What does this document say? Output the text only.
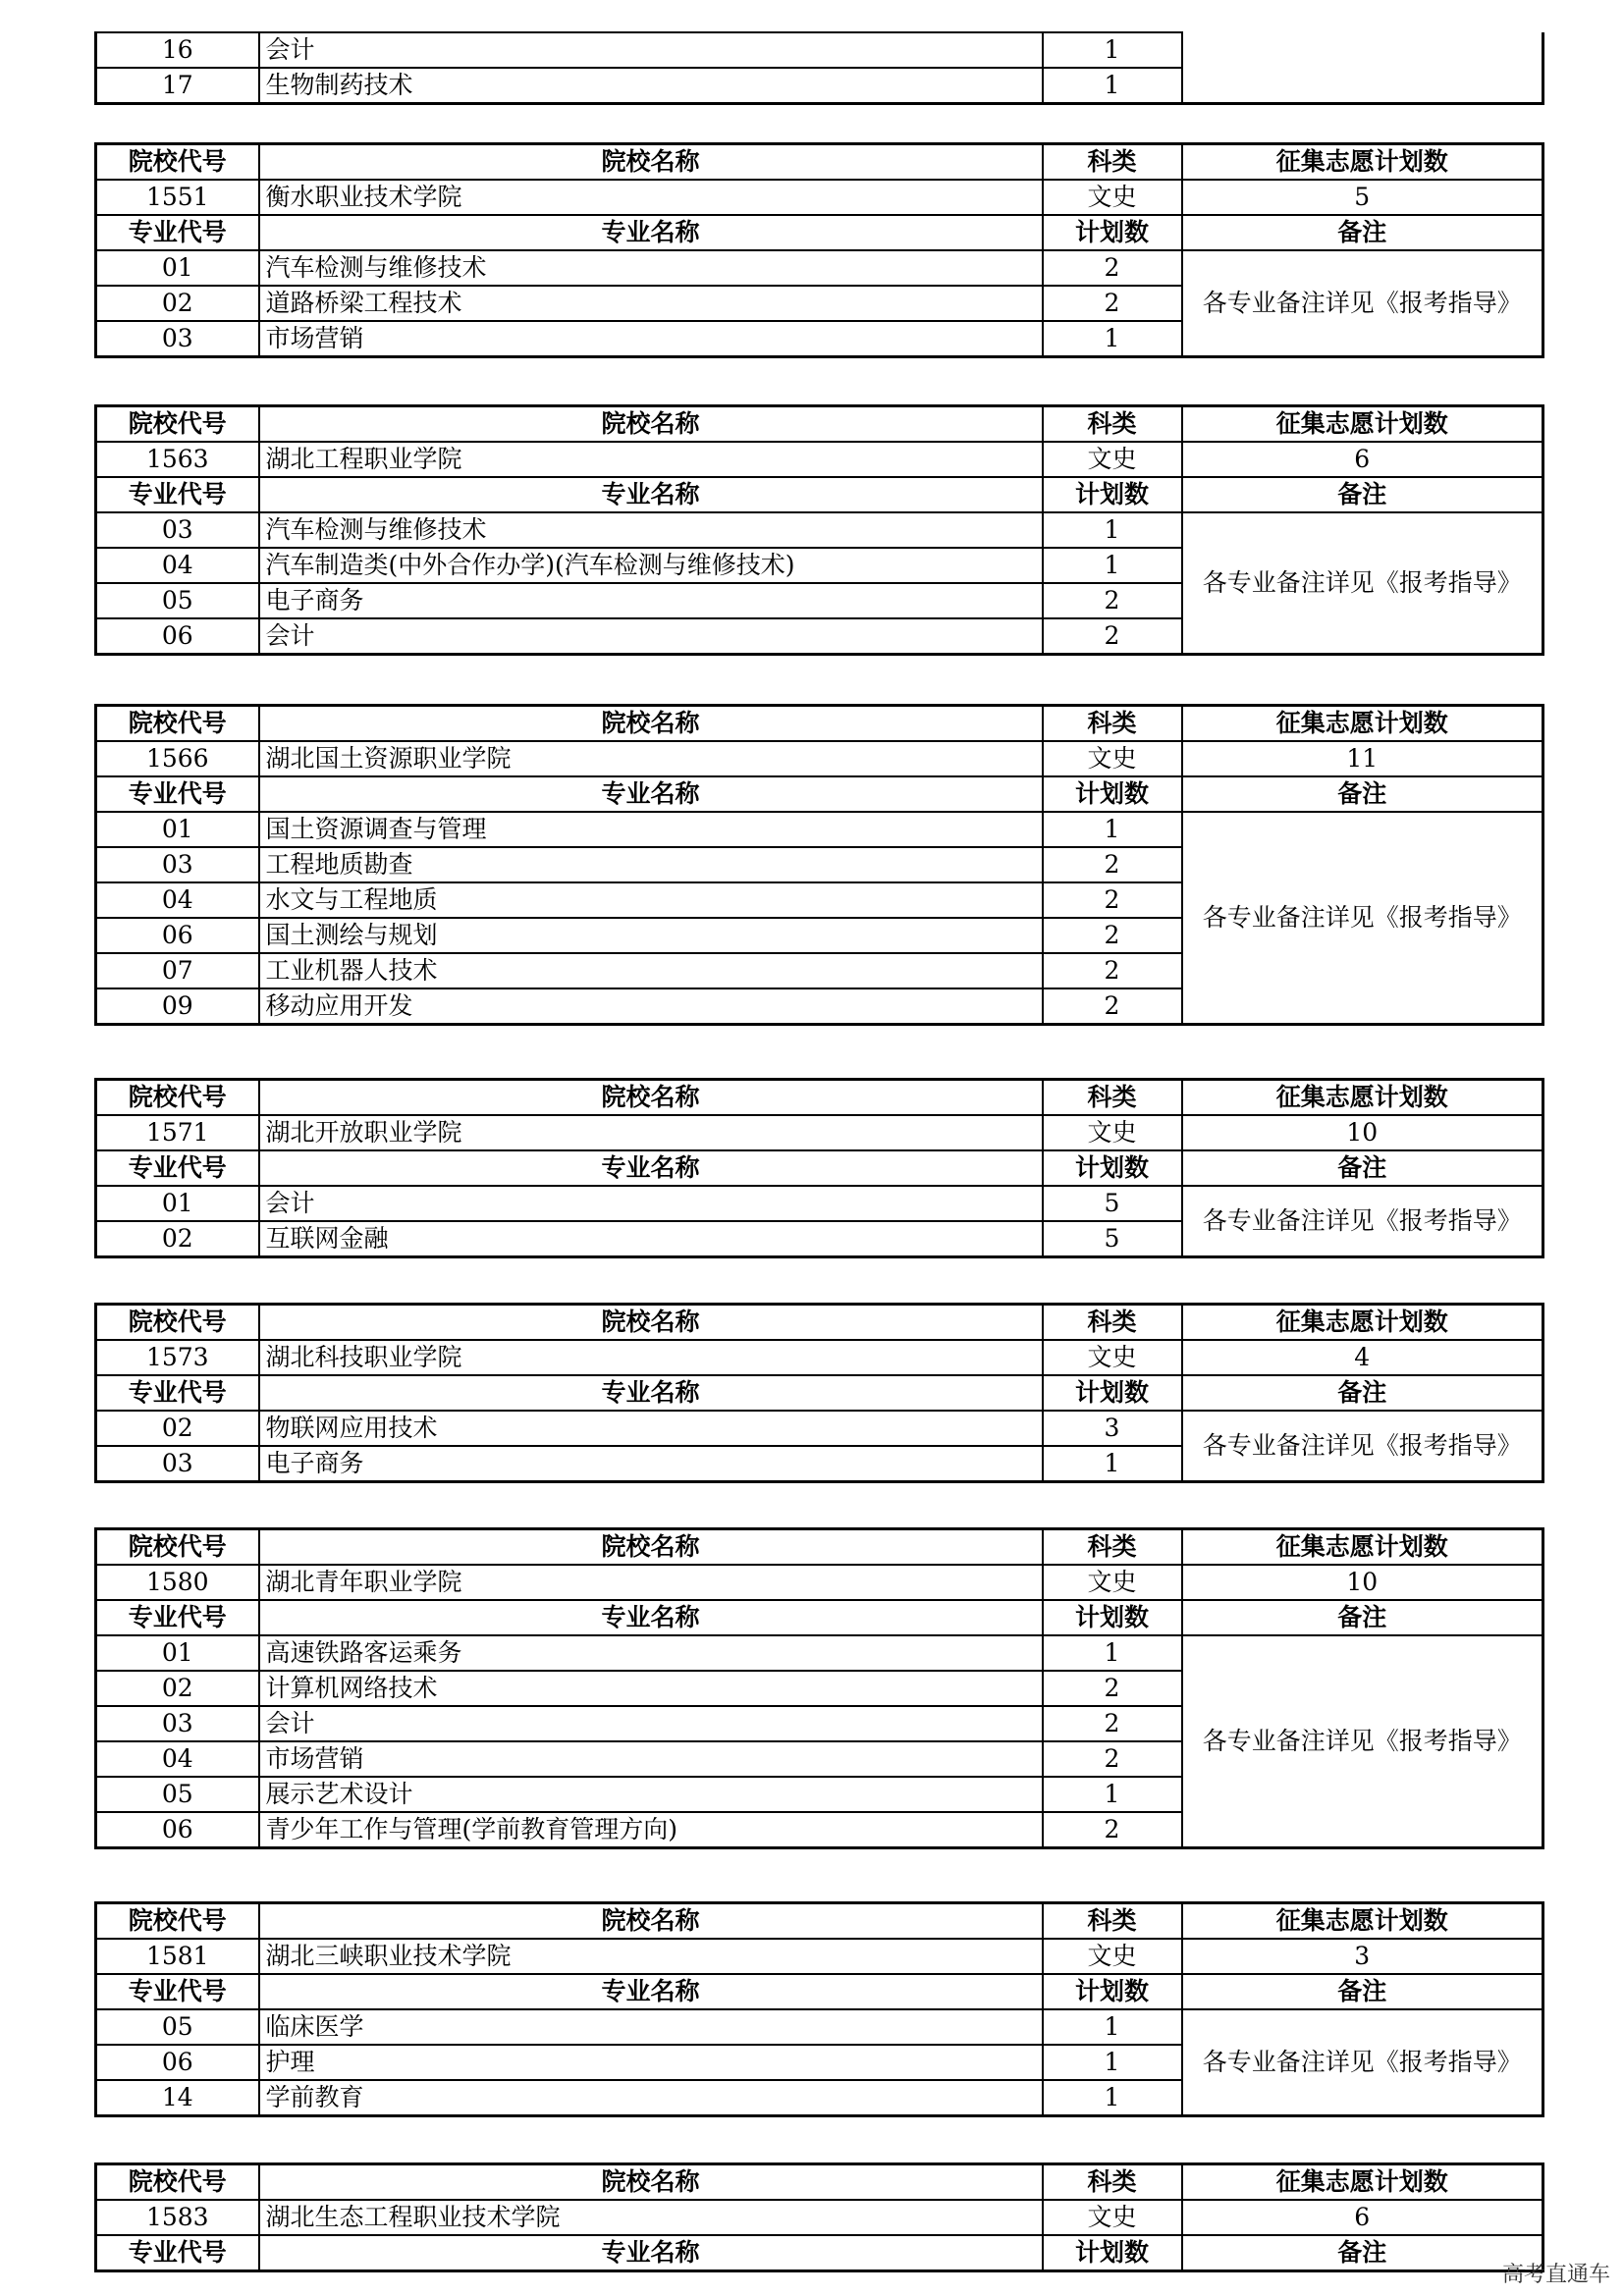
16	会计	1	
17	生物制药技术	1	
院校代号	院校名称	科类	征集志愿计划数
1551	衡水职业技术学院	文史	5
专业代号	专业名称	计划数	备注
01	汽车检测与维修技术	2	各专业备注详见《报考指导》
02	道路桥梁工程技术	2	
03	市场营销	1	
院校代号	院校名称	科类	征集志愿计划数
1563	湖北工程职业学院	文史	6
专业代号	专业名称	计划数	备注
03	汽车检测与维修技术	1	各专业备注详见《报考指导》
04	汽车制造类(中外合作办学)(汽车检测与维修技术)	1	
05	电子商务	2	
06	会计	2	
院校代号	院校名称	科类	征集志愿计划数
1566	湖北国土资源职业学院	文史	11
专业代号	专业名称	计划数	备注
01	国土资源调查与管理	1	各专业备注详见《报考指导》
03	工程地质勘查	2	
04	水文与工程地质	2	
06	国土测绘与规划	2	
07	工业机器人技术	2	
09	移动应用开发	2	
院校代号	院校名称	科类	征集志愿计划数
1571	湖北开放职业学院	文史	10
专业代号	专业名称	计划数	备注
01	会计	5	各专业备注详见《报考指导》
02	互联网金融	5	
院校代号	院校名称	科类	征集志愿计划数
1573	湖北科技职业学院	文史	4
专业代号	专业名称	计划数	备注
02	物联网应用技术	3	各专业备注详见《报考指导》
03	电子商务	1	
院校代号	院校名称	科类	征集志愿计划数
1580	湖北青年职业学院	文史	10
专业代号	专业名称	计划数	备注
01	高速铁路客运乘务	1	各专业备注详见《报考指导》
02	计算机网络技术	2	
03	会计	2	
04	市场营销	2	
05	展示艺术设计	1	
06	青少年工作与管理(学前教育管理方向)	2	
院校代号	院校名称	科类	征集志愿计划数
1581	湖北三峡职业技术学院	文史	3
专业代号	专业名称	计划数	备注
05	临床医学	1	各专业备注详见《报考指导》
06	护理	1	
14	学前教育	1	
院校代号	院校名称	科类	征集志愿计划数
1583	湖北生态工程职业技术学院	文史	6
专业代号	专业名称	计划数	备注
高考直通车
